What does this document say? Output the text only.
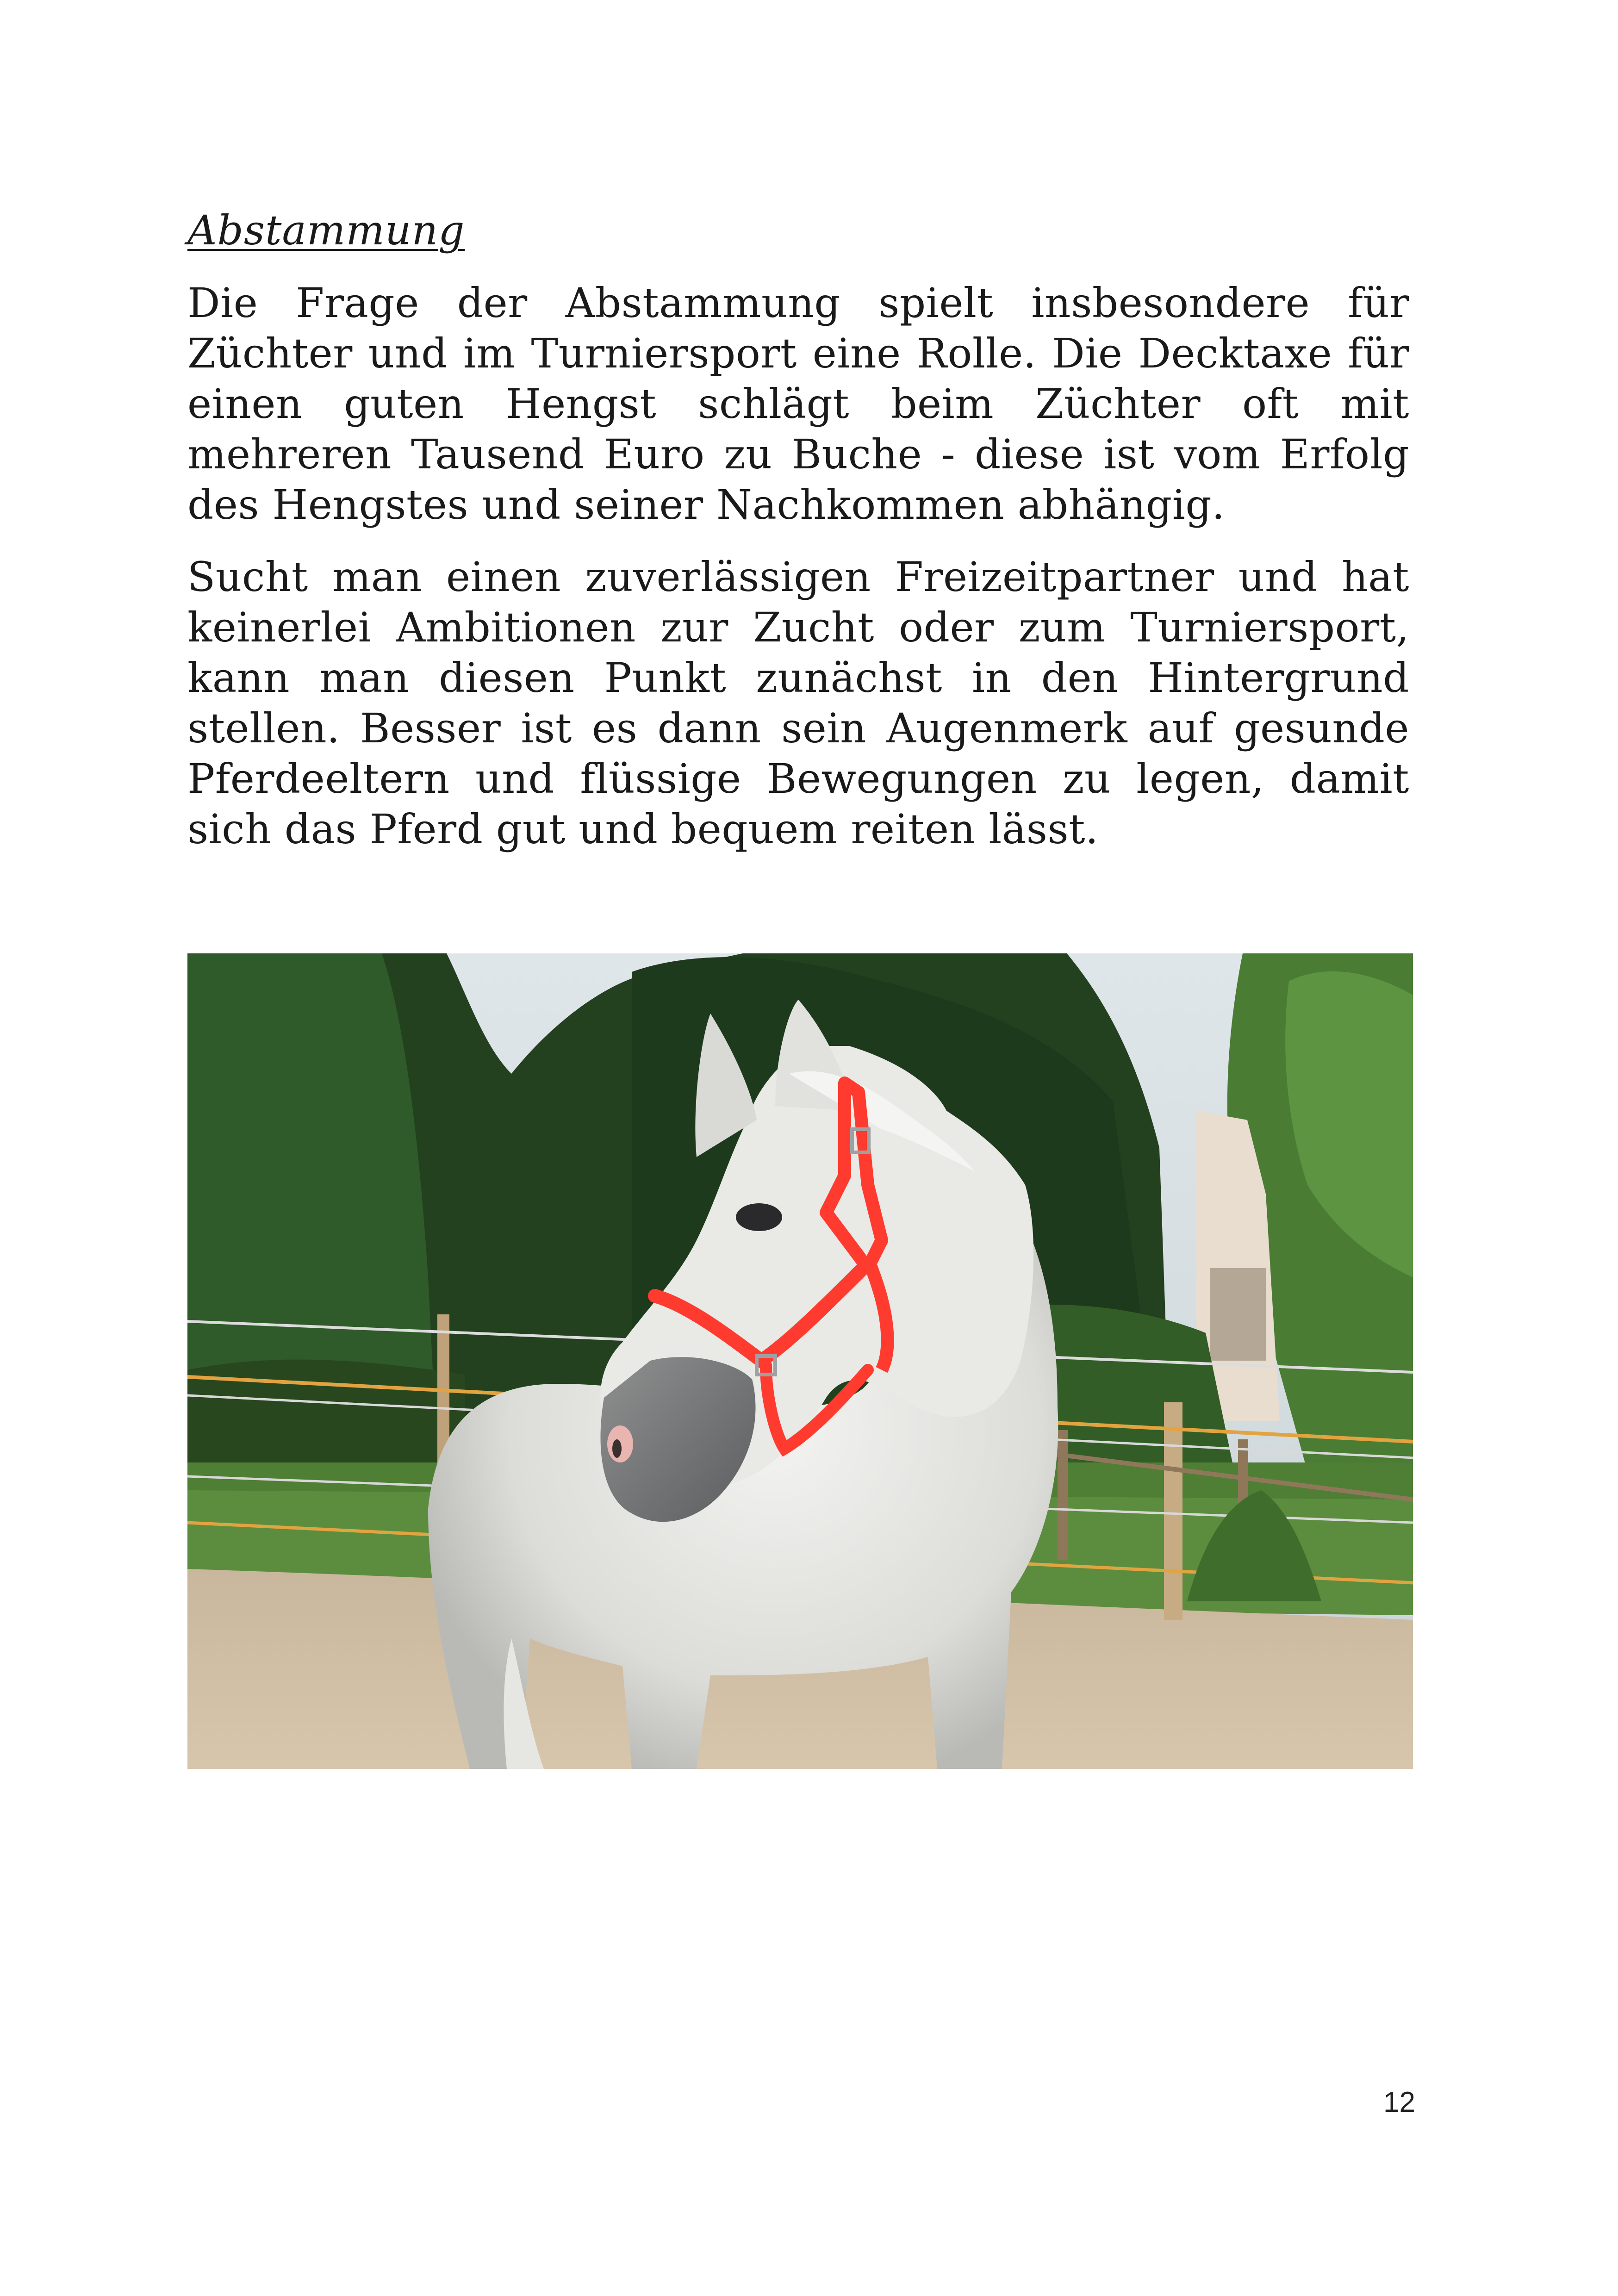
Abstammung

Die Frage der Abstammung spielt insbesondere für Züchter und im Turniersport eine Rolle. Die Decktaxe für einen guten Hengst schlägt beim Züchter oft mit mehreren Tausend Euro zu Buche - diese ist vom Erfolg des Hengstes und seiner Nachkommen abhängig.

Sucht man einen zuverlässigen Freizeitpartner und hat keinerlei Ambitionen zur Zucht oder zum Turniersport, kann man diesen Punkt zunächst in den Hintergrund stellen. Besser ist es dann sein Augenmerk auf gesunde Pferdeeltern und flüssige Bewegungen zu legen, damit sich das Pferd gut und bequem reiten lässt.

12
